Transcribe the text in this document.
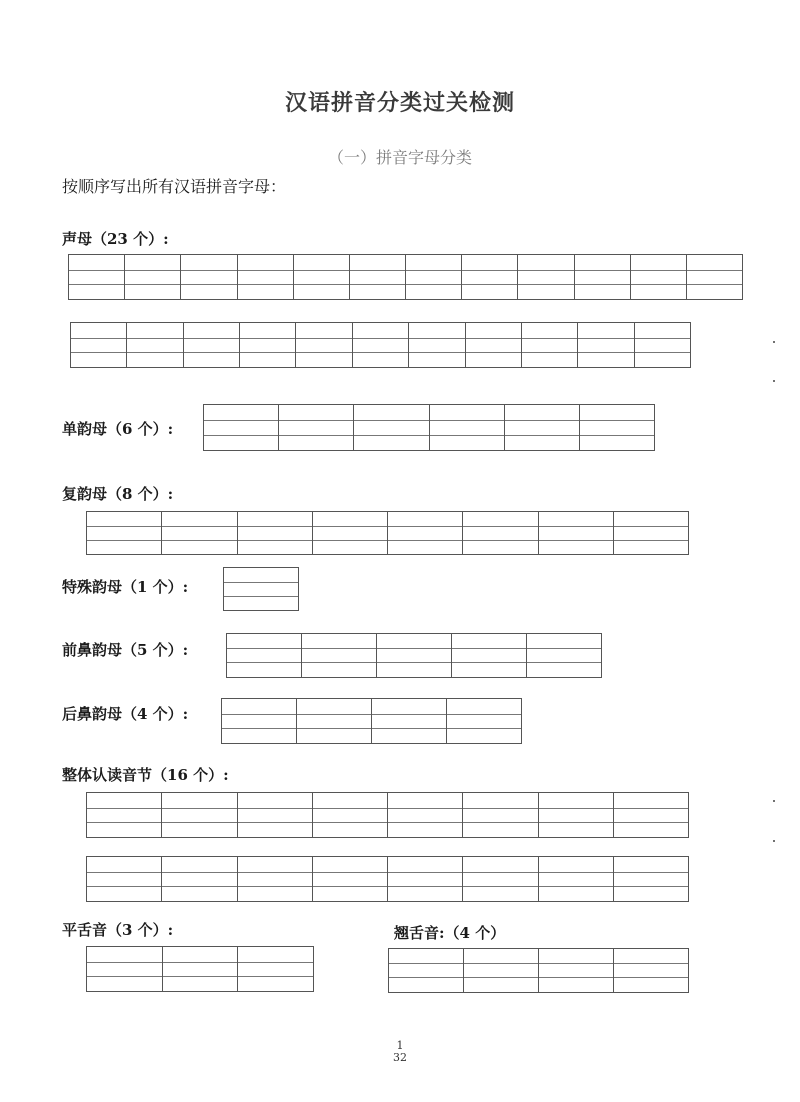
汉语拼音分类过关检测
（一）拼音字母分类
按顺序写出所有汉语拼音字母：
声母（23 个）:
单韵母（6 个）:
复韵母（8 个）:
特殊韵母（1 个）:
前鼻韵母（5 个）:
后鼻韵母（4 个）:
整体认读音节（16 个）:
平舌音（3 个）:	翘舌音:（4 个）
1
32
